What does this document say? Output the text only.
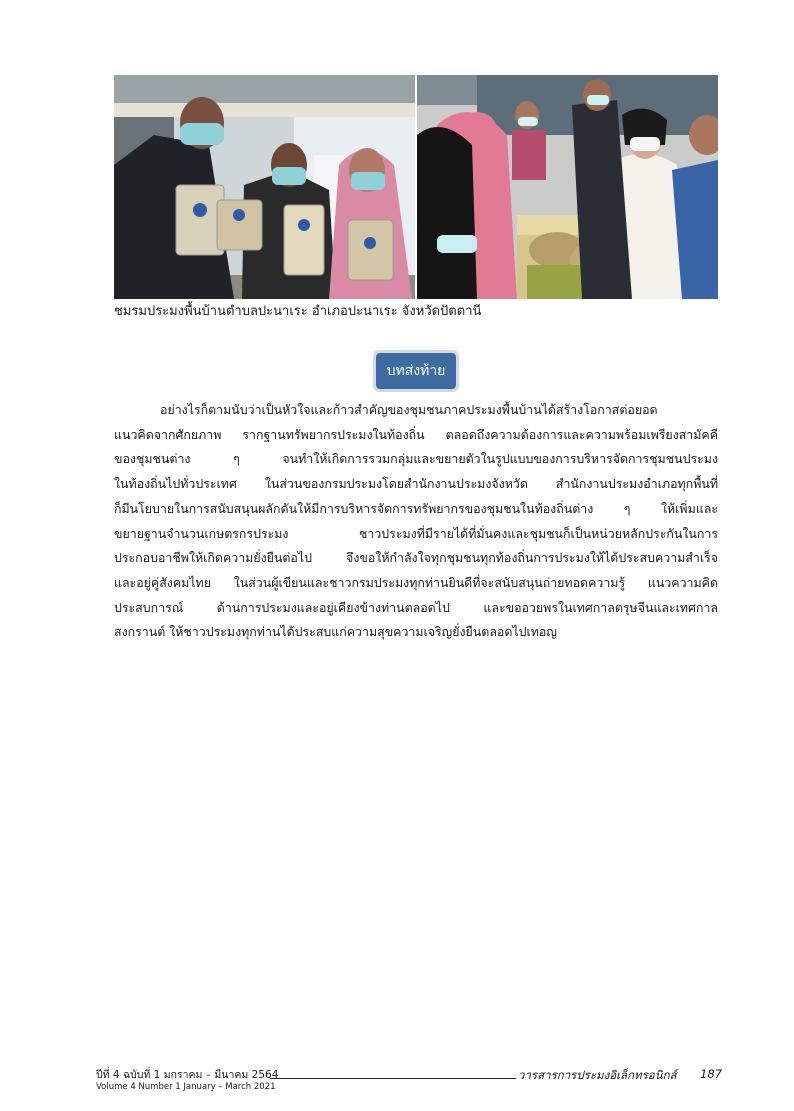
ชมรมประมงพื้นบ้านตำบลปะนาเระ อำเภอปะนาเระ จังหวัดปัตตานี
บทส่งท้าย
อย่างไรก็ตามนับว่าเป็นหัวใจและก้าวสำคัญของชุมชนภาคประมงพื้นบ้านได้สร้างโอกาสต่อยอด
แนวคิดจากศักยภาพ รากฐานทรัพยากรประมงในท้องถิ่น ตลอดถึงความต้องการและความพร้อมเพรียงสามัคคี
ของชุมชนต่าง ๆ จนทำให้เกิดการรวมกลุ่มและขยายตัวในรูปแบบของการบริหารจัดการชุมชนประมง
ในท้องถิ่นไปทั่วประเทศ ในส่วนของกรมประมงโดยสำนักงานประมงจังหวัด สำนักงานประมงอำเภอทุกพื้นที่
ก็มีนโยบายในการสนับสนุนผลักดันให้มีการบริหารจัดการทรัพยากรของชุมชนในท้องถิ่นต่าง ๆ ให้เพิ่มและ
ขยายฐานจำนวนเกษตรกรประมง ชาวประมงที่มีรายได้ที่มั่นคงและชุมชนก็เป็นหน่วยหลักประกันในการ
ประกอบอาชีพให้เกิดความยั่งยืนต่อไป จึงขอให้กำลังใจทุกชุมชนทุกท้องถิ่นการประมงให้ได้ประสบความสำเร็จ
และอยู่คู่สังคมไทย ในส่วนผู้เขียนและชาวกรมประมงทุกท่านยินดีที่จะสนับสนุนถ่ายทอดความรู้ แนวความคิด
ประสบการณ์ ด้านการประมงและอยู่เคียงข้างท่านตลอดไป และขออวยพรในเทศกาลตรุษจีนและเทศกาล
สงกรานต์ ให้ชาวประมงทุกท่านได้ประสบแก่ความสุขความเจริญยั่งยืนตลอดไปเทอญ
ปีที่ 4 ฉบับที่ 1 มกราคม – มีนาคม 2564
Volume 4 Number 1 January – March 2021
วารสารการประมงอิเล็กทรอนิกส์ 187
